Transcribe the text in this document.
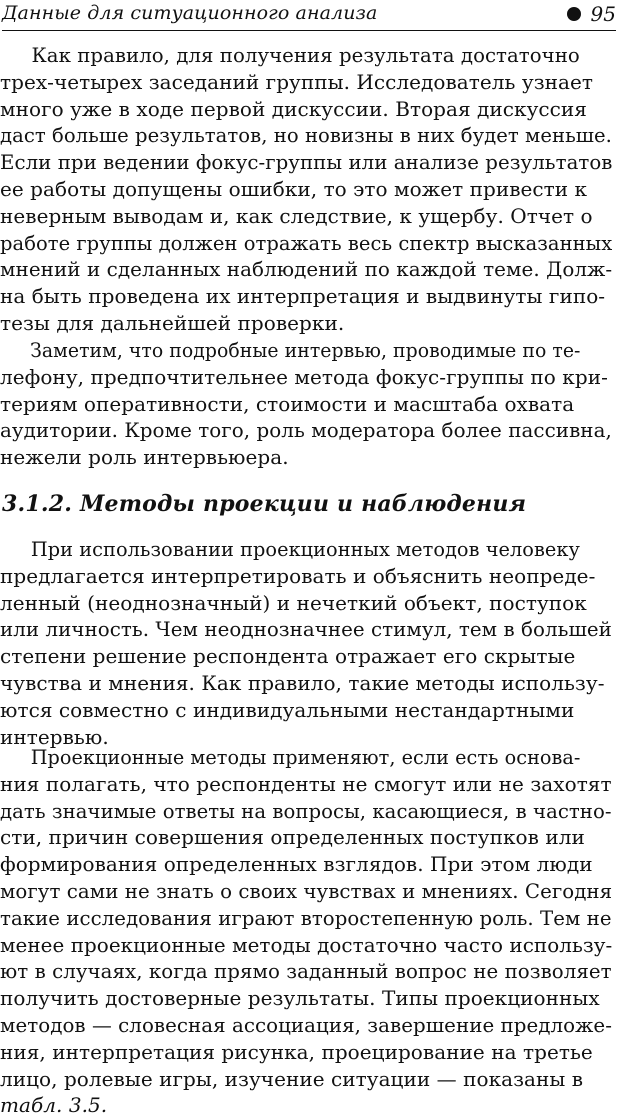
Данные для ситуационного анализа	95
Как правило, для получения результата достаточно
трех-четырех заседаний группы. Исследователь узнает
много уже в ходе первой дискуссии. Вторая дискуссия
даст больше результатов, но новизны в них будет меньше.
Если при ведении фокус-группы или анализе результатов
ее работы допущены ошибки, то это может привести к
неверным выводам и, как следствие, к ущербу. Отчет о
работе группы должен отражать весь спектр высказанных
мнений и сделанных наблюдений по каждой теме. Долж-
на быть проведена их интерпретация и выдвинуты гипо-
тезы для дальнейшей проверки.
Заметим, что подробные интервью, проводимые по те-
лефону, предпочтительнее метода фокус-группы по кри-
териям оперативности, стоимости и масштаба охвата
аудитории. Кроме того, роль модератора более пассивна,
нежели роль интервьюера.
3.1.2. Методы проекции и наблюдения
При использовании проекционных методов человеку
предлагается интерпретировать и объяснить неопреде-
ленный (неоднозначный) и нечеткий объект, поступок
или личность. Чем неоднозначнее стимул, тем в большей
степени решение респондента отражает его скрытые
чувства и мнения. Как правило, такие методы использу-
ются совместно с индивидуальными нестандартными
интервью.
Проекционные методы применяют, если есть основа-
ния полагать, что респонденты не смогут или не захотят
дать значимые ответы на вопросы, касающиеся, в частно-
сти, причин совершения определенных поступков или
формирования определенных взглядов. При этом люди
могут сами не знать о своих чувствах и мнениях. Сегодня
такие исследования играют второстепенную роль. Тем не
менее проекционные методы достаточно часто использу-
ют в случаях, когда прямо заданный вопрос не позволяет
получить достоверные результаты. Типы проекционных
методов — словесная ассоциация, завершение предложе-
ния, интерпретация рисунка, проецирование на третье
лицо, ролевые игры, изучение ситуации — показаны в
табл. 3.5.
